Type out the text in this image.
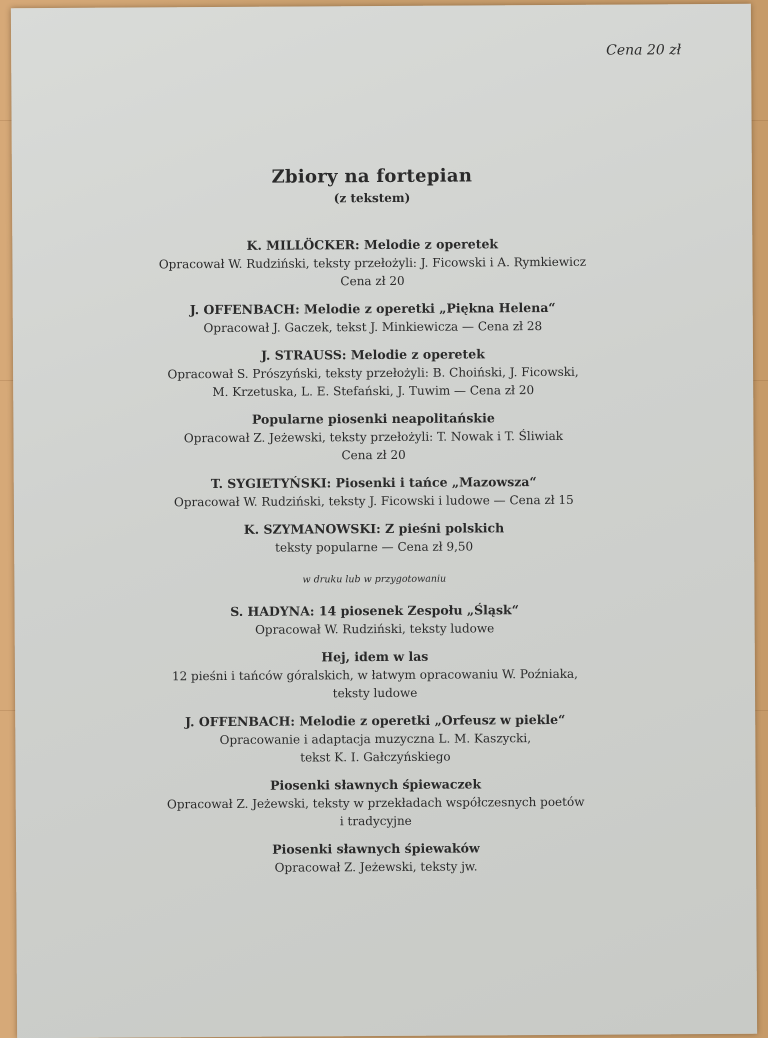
Cena 20 zł
Zbiory na fortepian
(z tekstem)
K. MILLÖCKER: Melodie z operetek
Opracował W. Rudziński, teksty przełożyli: J. Ficowski i A. Rymkiewicz
Cena zł 20
J. OFFENBACH: Melodie z operetki „Piękna Helena“
Opracował J. Gaczek, tekst J. Minkiewicza — Cena zł 28
J. STRAUSS: Melodie z operetek
Opracował S. Prószyński, teksty przełożyli: B. Choiński, J. Ficowski,
M. Krzetuska, L. E. Stefański, J. Tuwim — Cena zł 20
Popularne piosenki neapolitańskie
Opracował Z. Jeżewski, teksty przełożyli: T. Nowak i T. Śliwiak
Cena zł 20
T. SYGIETYŃSKI: Piosenki i tańce „Mazowsza“
Opracował W. Rudziński, teksty J. Ficowski i ludowe — Cena zł 15
K. SZYMANOWSKI: Z pieśni polskich
teksty popularne — Cena zł 9,50
w druku lub w przygotowaniu
S. HADYNA: 14 piosenek Zespołu „Śląsk“
Opracował W. Rudziński, teksty ludowe
Hej, idem w las
12 pieśni i tańców góralskich, w łatwym opracowaniu W. Poźniaka,
teksty ludowe
J. OFFENBACH: Melodie z operetki „Orfeusz w piekle“
Opracowanie i adaptacja muzyczna L. M. Kaszycki,
tekst K. I. Gałczyńskiego
Piosenki sławnych śpiewaczek
Opracował Z. Jeżewski, teksty w przekładach współczesnych poetów
i tradycyjne
Piosenki sławnych śpiewaków
Opracował Z. Jeżewski, teksty jw.
